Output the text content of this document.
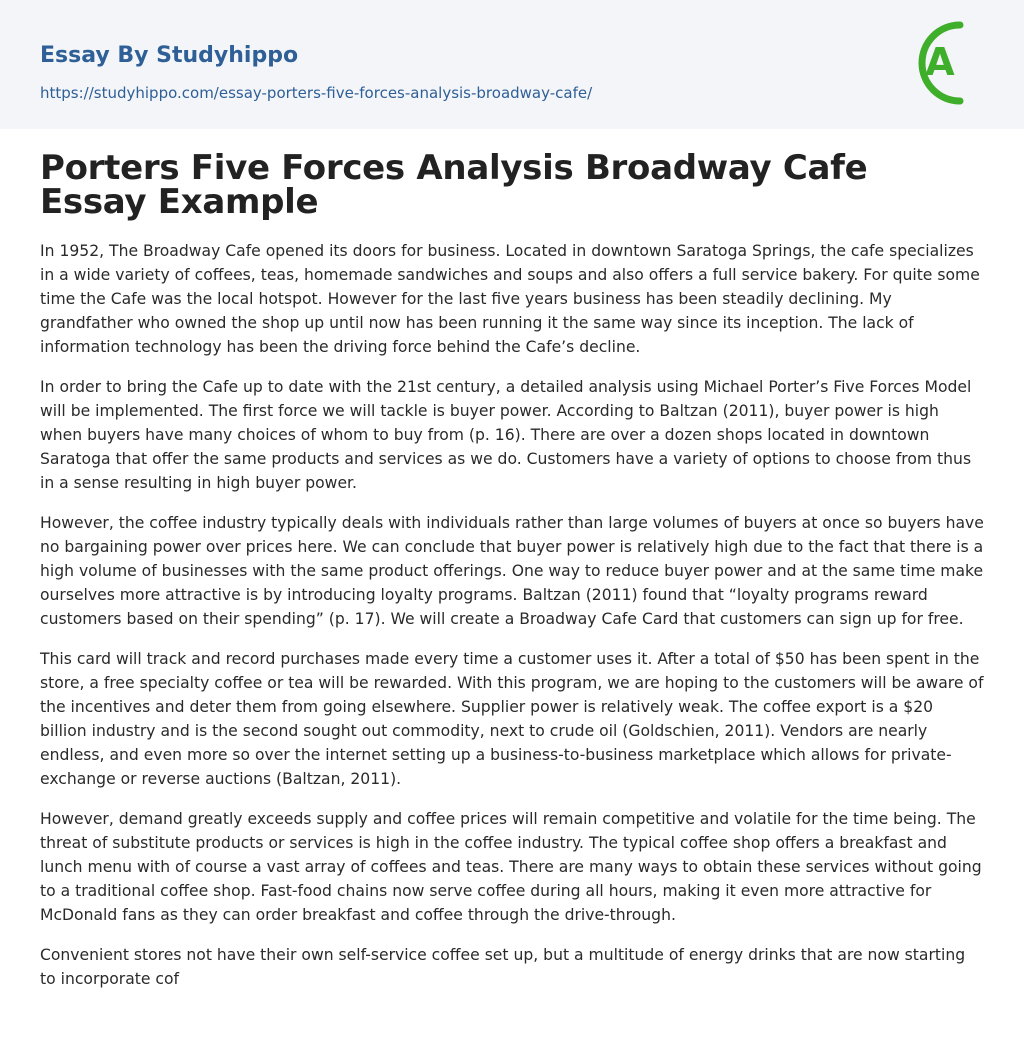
Essay By Studyhippo
https://studyhippo.com/essay-porters-five-forces-analysis-broadway-cafe/
A
Porters Five Forces Analysis Broadway Cafe Essay Example

In 1952, The Broadway Cafe opened its doors for business. Located in downtown Saratoga Springs, the cafe specializes in a wide variety of coffees, teas, homemade sandwiches and soups and also offers a full service bakery. For quite some time the Cafe was the local hotspot. However for the last five years business has been steadily declining. My grandfather who owned the shop up until now has been running it the same way since its inception. The lack of information technology has been the driving force behind the Cafe’s decline.

In order to bring the Cafe up to date with the 21st century, a detailed analysis using Michael Porter’s Five Forces Model will be implemented. The first force we will tackle is buyer power. According to Baltzan (2011), buyer power is high when buyers have many choices of whom to buy from (p. 16). There are over a dozen shops located in downtown Saratoga that offer the same products and services as we do. Customers have a variety of options to choose from thus in a sense resulting in high buyer power.

However, the coffee industry typically deals with individuals rather than large volumes of buyers at once so buyers have no bargaining power over prices here. We can conclude that buyer power is relatively high due to the fact that there is a high volume of businesses with the same product offerings. One way to reduce buyer power and at the same time make ourselves more attractive is by introducing loyalty programs. Baltzan (2011) found that “loyalty programs reward customers based on their spending” (p. 17). We will create a Broadway Cafe Card that customers can sign up for free.

This card will track and record purchases made every time a customer uses it. After a total of $50 has been spent in the store, a free specialty coffee or tea will be rewarded. With this program, we are hoping to the customers will be aware of the incentives and deter them from going elsewhere. Supplier power is relatively weak. The coffee export is a $20 billion industry and is the second sought out commodity, next to crude oil (Goldschien, 2011). Vendors are nearly endless, and even more so over the internet setting up a business-to-business marketplace which allows for private-exchange or reverse auctions (Baltzan, 2011).

However, demand greatly exceeds supply and coffee prices will remain competitive and volatile for the time being. The threat of substitute products or services is high in the coffee industry. The typical coffee shop offers a breakfast and lunch menu with of course a vast array of coffees and teas. There are many ways to obtain these services without going to a traditional coffee shop. Fast-food chains now serve coffee during all hours, making it even more attractive for McDonald fans as they can order breakfast and coffee through the drive-through.

Convenient stores not have their own self-service coffee set up, but a multitude of energy drinks that are now starting to incorporate cof
